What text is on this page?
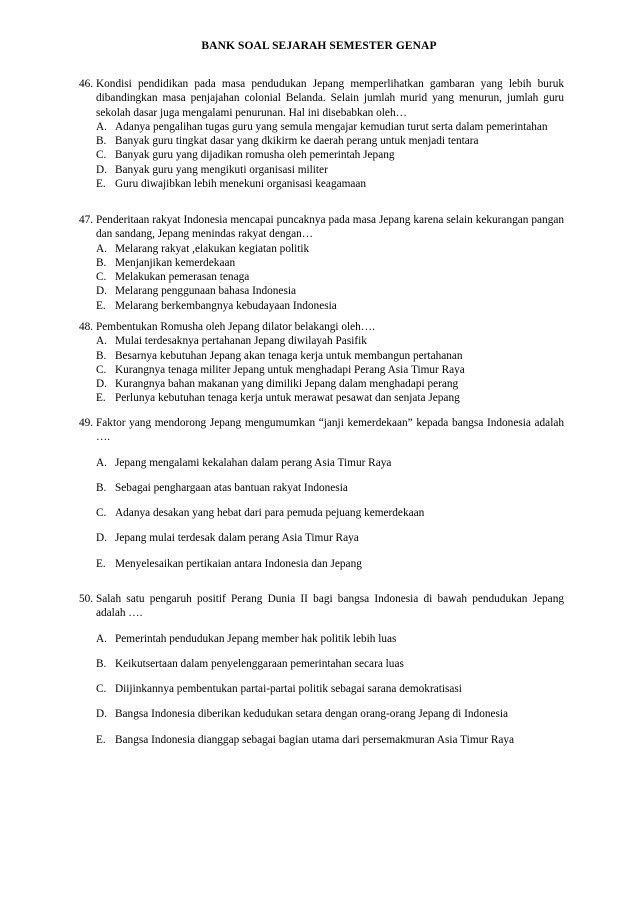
BANK SOAL SEJARAH SEMESTER GENAP
46. Kondisi pendidikan pada masa pendudukan Jepang memperlihatkan gambaran yang lebih buruk dibandingkan masa penjajahan colonial Belanda. Selain jumlah murid yang menurun, jumlah guru sekolah dasar juga mengalami penurunan. Hal ini disebabkan oleh…
A. Adanya pengalihan tugas guru yang semula mengajar kemudian turut serta dalam pemerintahan
B. Banyak guru tingkat dasar yang dkikirm ke daerah perang untuk menjadi tentara
C. Banyak guru yang dijadikan romusha oleh pemerintah Jepang
D. Banyak guru yang mengikuti organisasi militer
E. Guru diwajibkan lebih menekuni organisasi keagamaan
47. Penderitaan rakyat Indonesia mencapai puncaknya pada masa Jepang karena selain kekurangan pangan dan sandang, Jepang menindas rakyat dengan…
A. Melarang rakyat ,elakukan kegiatan politik
B. Menjanjikan kemerdekaan
C. Melakukan pemerasan tenaga
D. Melarang penggunaan bahasa Indonesia
E. Melarang berkembangnya kebudayaan Indonesia
48. Pembentukan Romusha oleh Jepang dilator belakangi oleh….
A. Mulai terdesaknya pertahanan Jepang diwilayah Pasifik
B. Besarnya kebutuhan Jepang akan tenaga kerja untuk membangun pertahanan
C. Kurangnya tenaga militer Jepang untuk menghadapi Perang Asia Timur Raya
D. Kurangnya bahan makanan yang dimiliki Jepang dalam menghadapi perang
E. Perlunya kebutuhan tenaga kerja untuk merawat pesawat dan senjata Jepang
49. Faktor yang mendorong Jepang mengumumkan “janji kemerdekaan” kepada bangsa Indonesia adalah ….
A. Jepang mengalami kekalahan dalam perang Asia Timur Raya
B. Sebagai penghargaan atas bantuan rakyat Indonesia
C. Adanya desakan yang hebat dari para pemuda pejuang kemerdekaan
D. Jepang mulai terdesak dalam perang Asia Timur Raya
E. Menyelesaikan pertikaian antara Indonesia dan Jepang
50. Salah satu pengaruh positif Perang Dunia II bagi bangsa Indonesia di bawah pendudukan Jepang adalah ….
A. Pemerintah pendudukan Jepang member hak politik lebih luas
B. Keikutsertaan dalam penyelenggaraan pemerintahan secara luas
C. Diijinkannya pembentukan partai-partai politik sebagai sarana demokratisasi
D. Bangsa Indonesia diberikan kedudukan setara dengan orang-orang Jepang di Indonesia
E. Bangsa Indonesia dianggap sebagai bagian utama dari persemakmuran Asia Timur Raya
